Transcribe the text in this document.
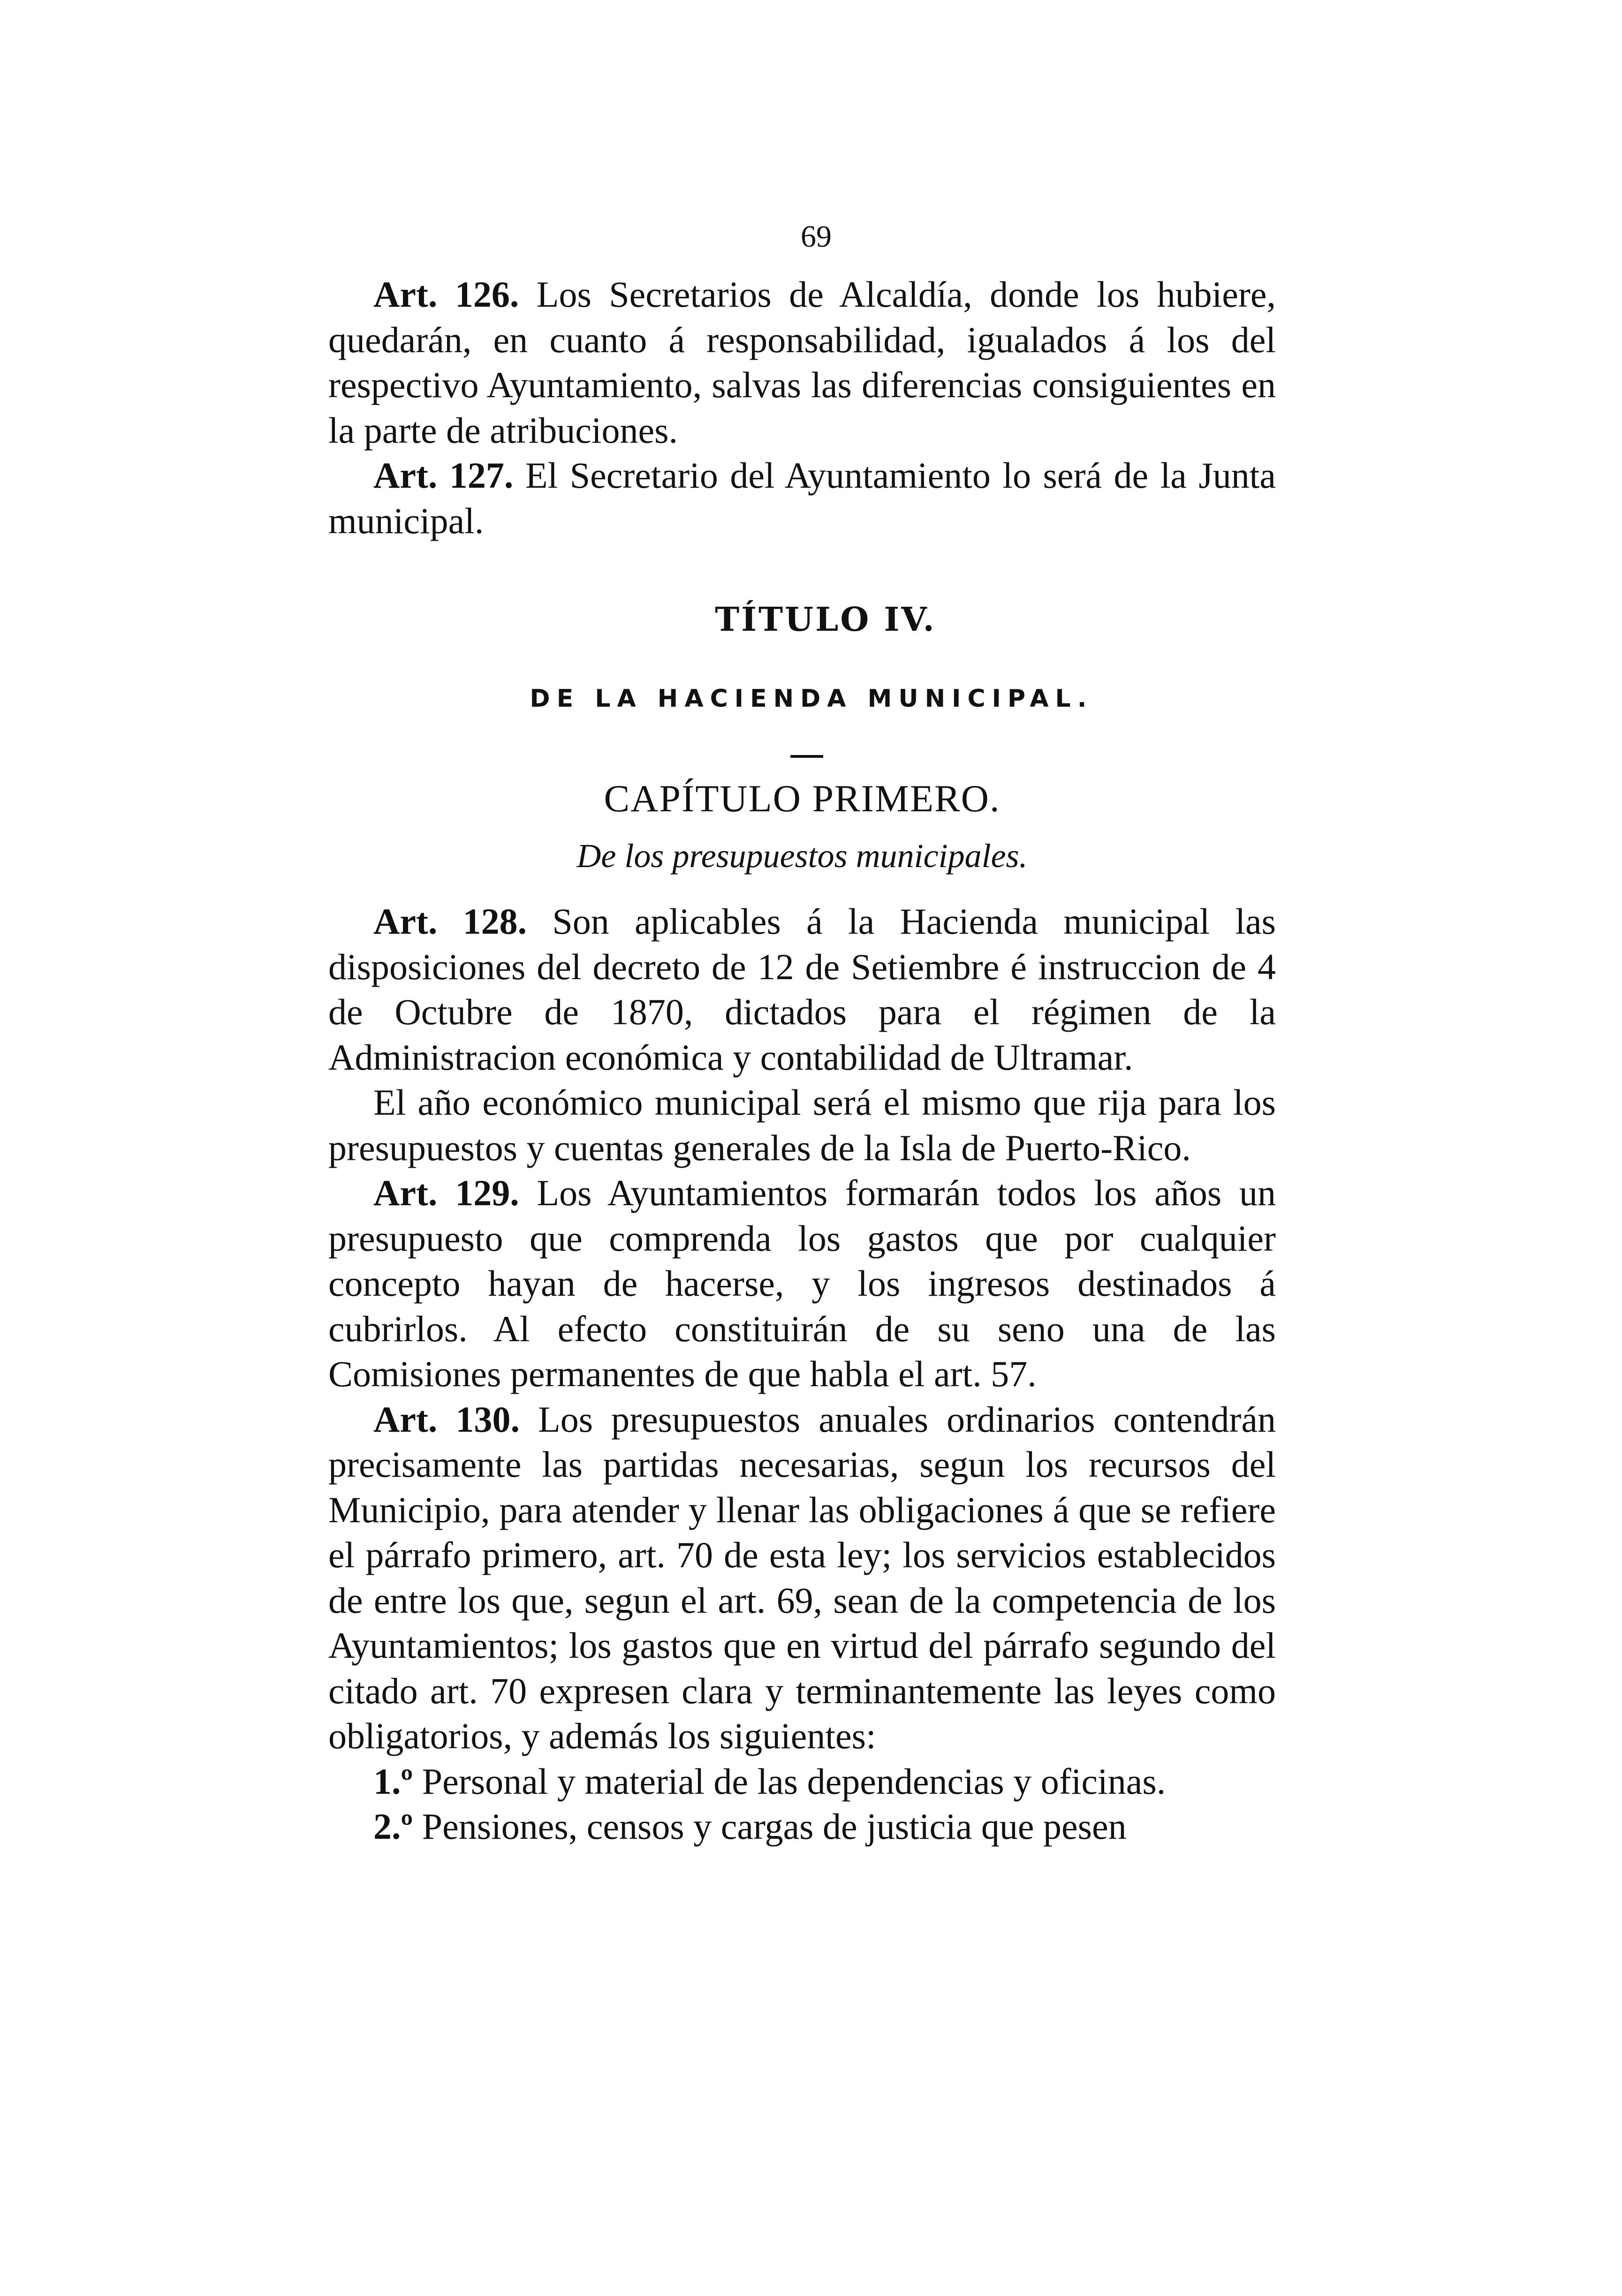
69

Art. 126. Los Secretarios de Alcaldía, donde los hubiere, quedarán, en cuanto á responsabilidad, igualados á los del respectivo Ayuntamiento, salvas las diferencias consiguientes en la parte de atribuciones.

Art. 127. El Secretario del Ayuntamiento lo será de la Junta municipal.

TÍTULO IV.
DE LA HACIENDA MUNICIPAL.
CAPÍTULO PRIMERO.
De los presupuestos municipales.

Art. 128. Son aplicables á la Hacienda municipal las disposiciones del decreto de 12 de Setiembre é instruccion de 4 de Octubre de 1870, dictados para el régimen de la Administracion económica y contabilidad de Ultramar.

El año económico municipal será el mismo que rija para los presupuestos y cuentas generales de la Isla de Puerto-Rico.

Art. 129. Los Ayuntamientos formarán todos los años un presupuesto que comprenda los gastos que por cualquier concepto hayan de hacerse, y los ingresos destinados á cubrirlos. Al efecto constituirán de su seno una de las Comisiones permanentes de que habla el art. 57.

Art. 130. Los presupuestos anuales ordinarios contendrán precisamente las partidas necesarias, segun los recursos del Municipio, para atender y llenar las obligaciones á que se refiere el párrafo primero, art. 70 de esta ley; los servicios establecidos de entre los que, segun el art. 69, sean de la competencia de los Ayuntamientos; los gastos que en virtud del párrafo segundo del citado art. 70 expresen clara y terminantemente las leyes como obligatorios, y además los siguientes:

1.º Personal y material de las dependencias y oficinas.

2.º Pensiones, censos y cargas de justicia que pesen
